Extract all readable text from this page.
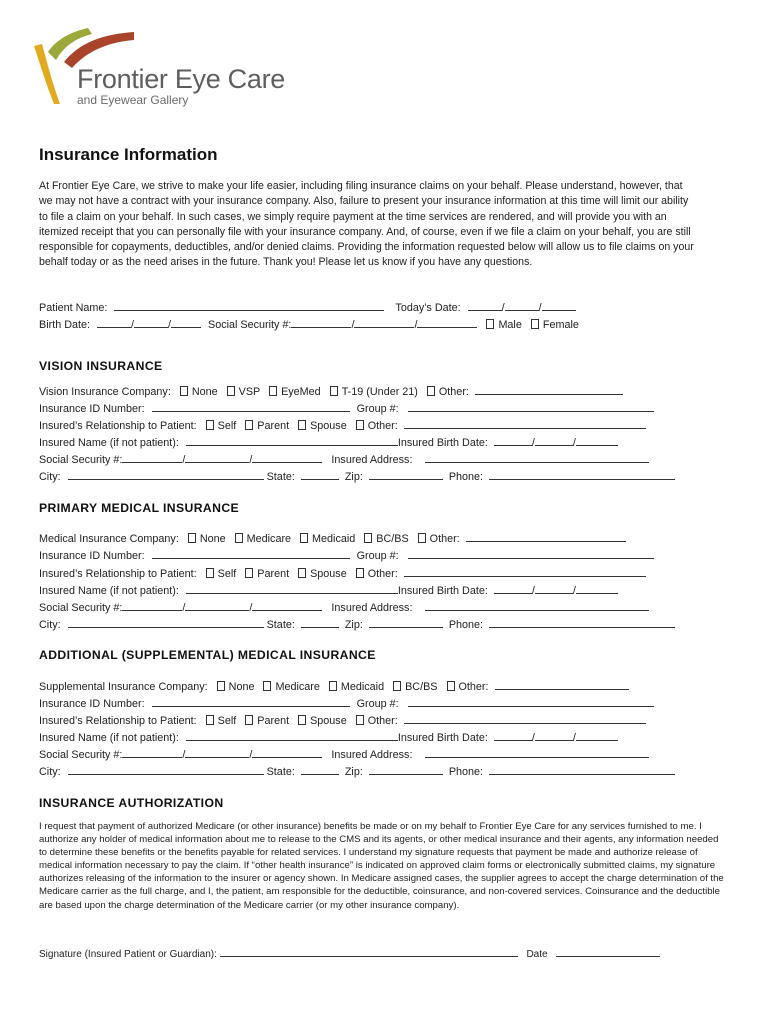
Frontier Eye Care
and Eyewear Gallery
Insurance Information
At Frontier Eye Care, we strive to make your life easier, including filing insurance claims on your behalf. Please understand, however, that we may not have a contract with your insurance company. Also, failure to present your insurance information at this time will limit our ability to file a claim on your behalf. In such cases, we simply require payment at the time services are rendered, and will provide you with an itemized receipt that you can personally file with your insurance company. And, of course, even if we file a claim on your behalf, you are still responsible for copayments, deductibles, and/or denied claims. Providing the information requested below will allow us to file claims on your behalf today or as the need arises in the future. Thank you! Please let us know if you have any questions.
Patient Name:	Today’s Date:	/	/
Birth Date:	/	/	Social Security #:	/	/	Male Female
VISION INSURANCE
Vision Insurance Company: None VSP EyeMed T-19 (Under 21) Other:
Insurance ID Number:	Group #:
Insured’s Relationship to Patient: Self Parent Spouse Other:
Insured Name (if not patient):	Insured Birth Date:	/	/
Social Security #:	/	/	Insured Address:
City:	State:	Zip:	Phone:
PRIMARY MEDICAL INSURANCE
Medical Insurance Company: None Medicare Medicaid BC/BS Other:
Insurance ID Number:	Group #:
Insured’s Relationship to Patient: Self Parent Spouse Other:
Insured Name (if not patient):	Insured Birth Date:	/	/
Social Security #:	/	/	Insured Address:
City:	State:	Zip:	Phone:
ADDITIONAL (SUPPLEMENTAL) MEDICAL INSURANCE
Supplemental Insurance Company: None Medicare Medicaid BC/BS Other:
Insurance ID Number:	Group #:
Insured’s Relationship to Patient: Self Parent Spouse Other:
Insured Name (if not patient):	Insured Birth Date:	/	/
Social Security #:	/	/	Insured Address:
City:	State:	Zip:	Phone:
INSURANCE AUTHORIZATION
I request that payment of authorized Medicare (or other insurance) benefits be made or on my behalf to Frontier Eye Care for any services furnished to me. I authorize any holder of medical information about me to release to the CMS and its agents, or other medical insurance and their agents, any information needed to determine these benefits or the benefits payable for related services. I understand my signature requests that payment be made and authorize release of medical information necessary to pay the claim. If “other health insurance” is indicated on approved claim forms or electronically submitted claims, my signature authorizes releasing of the information to the insurer or agency shown. In Medicare assigned cases, the supplier agrees to accept the charge determination of the Medicare carrier as the full charge, and I, the patient, am responsible for the deductible, coinsurance, and non-covered services. Coinsurance and the deductible are based upon the charge determination of the Medicare carrier (or my other insurance company).
Signature (Insured Patient or Guardian):	Date
